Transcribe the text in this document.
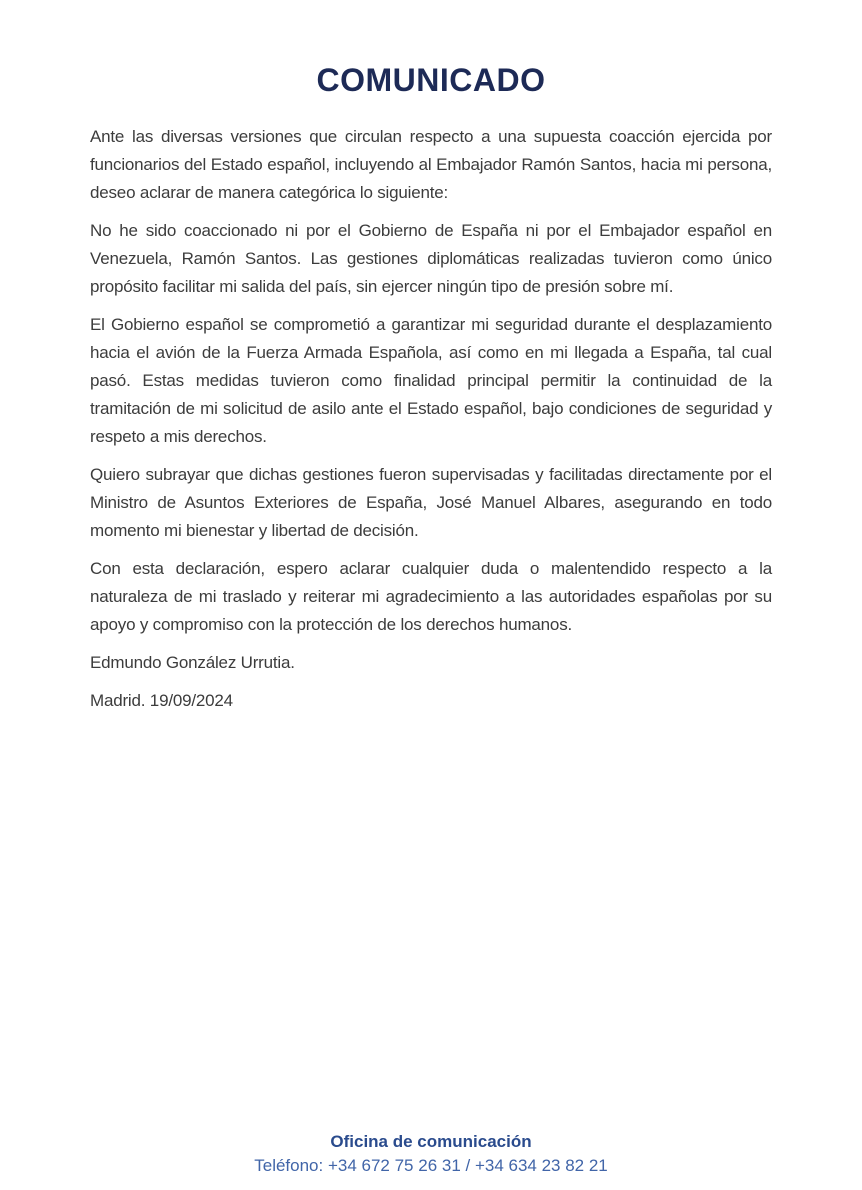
COMUNICADO

Ante las diversas versiones que circulan respecto a una supuesta coacción ejercida por funcionarios del Estado español, incluyendo al Embajador Ramón Santos, hacia mi persona, deseo aclarar de manera categórica lo siguiente:

No he sido coaccionado ni por el Gobierno de España ni por el Embajador español en Venezuela, Ramón Santos. Las gestiones diplomáticas realizadas tuvieron como único propósito facilitar mi salida del país, sin ejercer ningún tipo de presión sobre mí.

El Gobierno español se comprometió a garantizar mi seguridad durante el desplazamiento hacia el avión de la Fuerza Armada Española, así como en mi llegada a España, tal cual pasó. Estas medidas tuvieron como finalidad principal permitir la continuidad de la tramitación de mi solicitud de asilo ante el Estado español, bajo condiciones de seguridad y respeto a mis derechos.

Quiero subrayar que dichas gestiones fueron supervisadas y facilitadas directamente por el Ministro de Asuntos Exteriores de España, José Manuel Albares, asegurando en todo momento mi bienestar y libertad de decisión.

Con esta declaración, espero aclarar cualquier duda o malentendido respecto a la naturaleza de mi traslado y reiterar mi agradecimiento a las autoridades españolas por su apoyo y compromiso con la protección de los derechos humanos.

Edmundo González Urrutia.

Madrid. 19/09/2024

Oficina de comunicación

Teléfono: +34 672 75 26 31 / +34 634 23 82 21
